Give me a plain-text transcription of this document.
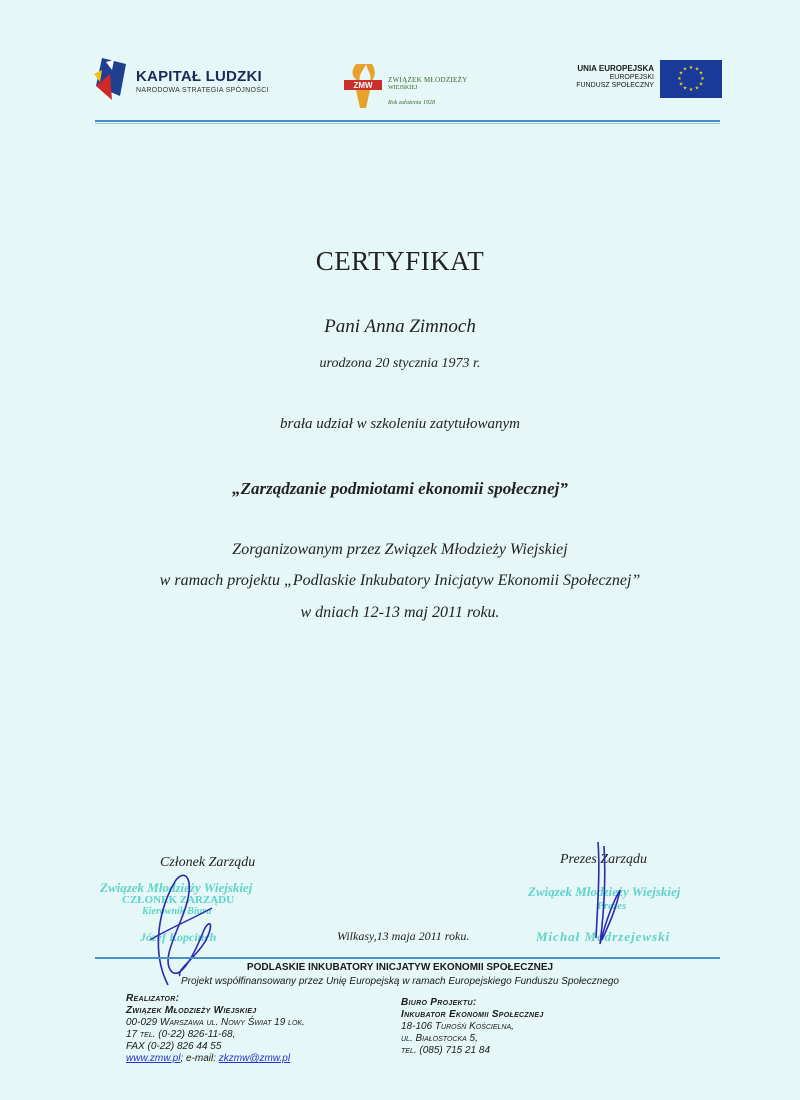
KAPITAŁ LUDZKI
NARODOWA STRATEGIA SPÓJNOŚCI
ZMW
ZWIĄZEK MŁODZIEŻY
WIEJSKIEJ
Rok założenia 1928
UNIA EUROPEJSKA
EUROPEJSKI
FUNDUSZ SPOŁECZNY
★ ★
★
★
★
★
★
★
★
★
★
★
CERTYFIKAT
Pani Anna Zimnoch
urodzona 20 stycznia 1973 r.
brała udział w szkoleniu zatytułowanym
„Zarządzanie podmiotami ekonomii społecznej”
Zorganizowanym przez Związek Młodzieży Wiejskiej
w ramach projektu „Podlaskie Inkubatory Inicjatyw Ekonomii Społecznej”
w dniach 12-13 maj 2011 roku.
Członek Zarządu
Związek Młodzieży Wiejskiej
CZŁONEK ZARZĄDU
Kierownik Biura
Józef Kopciuch	Wilkasy,13 maja 2011 roku.
Prezes Zarządu
Związek Młodzieży Wiejskiej
Prezes
Michał Modrzejewski
PODLASKIE INKUBATORY INICJATYW EKONOMII SPOŁECZNEJ
Projekt współfinansowany przez Unię Europejską w ramach Europejskiego Funduszu Społecznego
Realizator:
Związek Młodzieży Wiejskiej
00-029 Warszawa ul. Nowy Świat 19 lok.
17 tel. (0-22) 826-11-68,
FAX (0-22) 826 44 55
www.zmw.pl; e-mail: zkzmw@zmw.pl
Biuro Projektu:
Inkubator Ekonomii Społecznej
18-106 Turośń Kościelna,
ul. Białostocka 5,
tel. (085) 715 21 84
